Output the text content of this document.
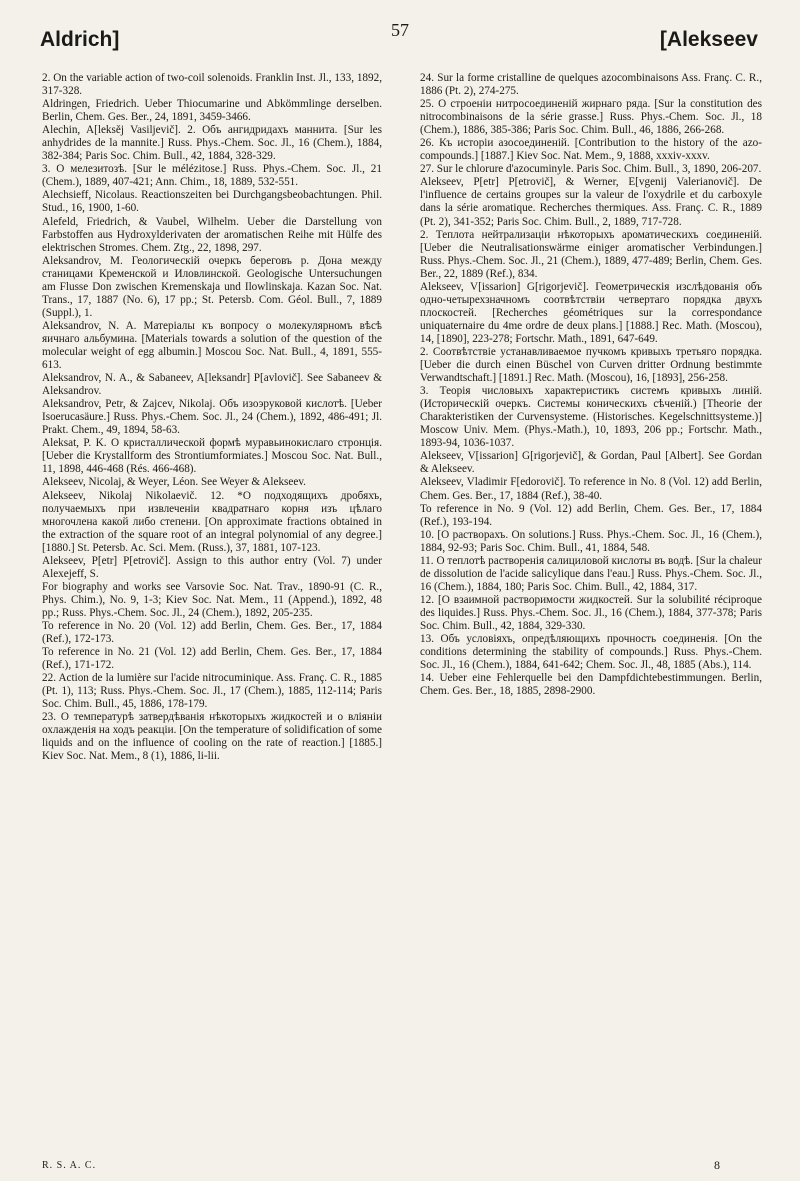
Aldrich]	57	[Alekseev

2. On the variable action of two-coil solenoids. Franklin Inst. Jl., 133, 1892, 317-328.

Aldringen, Friedrich. Ueber Thiocumarine und Abkömmlinge derselben. Berlin, Chem. Ges. Ber., 24, 1891, 3459-3466.

Alechin, A[leksěj Vasiljevič]. 2. Объ ангидридахъ маннита. [Sur les anhydrides de la mannite.] Russ. Phys.-Chem. Soc. Jl., 16 (Chem.), 1884, 382-384; Paris Soc. Chim. Bull., 42, 1884, 328-329.

3. О мелезитозѣ. [Sur le mélézitose.] Russ. Phys.-Chem. Soc. Jl., 21 (Chem.), 1889, 407-421; Ann. Chim., 18, 1889, 532-551.

Alechsieff, Nicolaus. Reactionszeiten bei Durchgangsbeobachtungen. Phil. Stud., 16, 1900, 1-60.

Alefeld, Friedrich, & Vaubel, Wilhelm. Ueber die Darstellung von Farbstoffen aus Hydroxylderivaten der aromatischen Reihe mit Hülfe des elektrischen Stromes. Chem. Ztg., 22, 1898, 297.

Aleksandrov, M. Геологическій очеркъ береговъ р. Дона между станицами Кременской и Иловлинской. Geologische Untersuchungen am Flusse Don zwischen Kremenskaja und Ilowlinskaja. Kazan Soc. Nat. Trans., 17, 1887 (No. 6), 17 pp.; St. Petersb. Com. Géol. Bull., 7, 1889 (Suppl.), 1.

Aleksandrov, N. A. Матеріалы къ вопросу о молекулярномъ вѣсѣ яичнаго альбумина. [Materials towards a solution of the question of the molecular weight of egg albumin.] Moscou Soc. Nat. Bull., 4, 1891, 555-613.

Aleksandrov, N. A., & Sabaneev, A[leksandr] P[avlovič]. See Sabaneev & Aleksandrov.

Aleksandrov, Petr, & Zajcev, Nikolaj. Объ изоэруковой кислотѣ. [Ueber Isoerucasäure.] Russ. Phys.-Chem. Soc. Jl., 24 (Chem.), 1892, 486-491; Jl. Prakt. Chem., 49, 1894, 58-63.

Aleksat, P. K. О кристаллической формѣ муравьинокислаго стронція. [Ueber die Krystallform des Strontiumformiates.] Moscou Soc. Nat. Bull., 11, 1898, 446-468 (Rés. 466-468).

Alekseev, Nicolaj, & Weyer, Léon. See Weyer & Alekseev.

Alekseev, Nikolaj Nikolaevič. 12. *О подходящихъ дробяхъ, получаемыхъ при извлеченіи квадратнаго корня изъ цѣлаго многочлена какой либо степени. [On approximate fractions obtained in the extraction of the square root of an integral polynomial of any degree.] [1880.] St. Petersb. Ac. Sci. Mem. (Russ.), 37, 1881, 107-123.

Alekseev, P[etr] P[etrovič]. Assign to this author entry (Vol. 7) under Alexejeff, S.

For biography and works see Varsovie Soc. Nat. Trav., 1890-91 (C. R., Phys. Chim.), No. 9, 1-3; Kiev Soc. Nat. Mem., 11 (Append.), 1892, 48 pp.; Russ. Phys.-Chem. Soc. Jl., 24 (Chem.), 1892, 205-235.

To reference in No. 20 (Vol. 12) add Berlin, Chem. Ges. Ber., 17, 1884 (Ref.), 172-173.

To reference in No. 21 (Vol. 12) add Berlin, Chem. Ges. Ber., 17, 1884 (Ref.), 171-172.

22. Action de la lumière sur l'acide nitrocuminique. Ass. Franç. C. R., 1885 (Pt. 1), 113; Russ. Phys.-Chem. Soc. Jl., 17 (Chem.), 1885, 112-114; Paris Soc. Chim. Bull., 45, 1886, 178-179.

23. О температурѣ затвердѣванія нѣкоторыхъ жидкостей и о вліяніи охлажденія на ходъ реакціи. [On the temperature of solidification of some liquids and on the influence of cooling on the rate of reaction.] [1885.] Kiev Soc. Nat. Mem., 8 (1), 1886, li-lii.

24. Sur la forme cristalline de quelques azocombinaisons Ass. Franç. C. R., 1886 (Pt. 2), 274-275.

25. О строеніи нитросоединеній жирнаго ряда. [Sur la constitution des nitrocombinaisons de la série grasse.] Russ. Phys.-Chem. Soc. Jl., 18 (Chem.), 1886, 385-386; Paris Soc. Chim. Bull., 46, 1886, 266-268.

26. Къ исторіи азосоединеній. [Contribution to the history of the azo-compounds.] [1887.] Kiev Soc. Nat. Mem., 9, 1888, xxxiv-xxxv.

27. Sur le chlorure d'azocuminyle. Paris Soc. Chim. Bull., 3, 1890, 206-207.

Alekseev, P[etr] P[etrovič], & Werner, E[vgenij Valerianovič]. De l'influence de certains groupes sur la valeur de l'oxydrile et du carboxyle dans la série aromatique. Recherches thermiques. Ass. Franç. C. R., 1889 (Pt. 2), 341-352; Paris Soc. Chim. Bull., 2, 1889, 717-728.

2. Теплота нейтрализаціи нѣкоторыхъ ароматическихъ соединеній. [Ueber die Neutralisationswärme einiger aromatischer Verbindungen.] Russ. Phys.-Chem. Soc. Jl., 21 (Chem.), 1889, 477-489; Berlin, Chem. Ges. Ber., 22, 1889 (Ref.), 834.

Alekseev, V[issarion] G[rigorjevič]. Геометрическія изслѣдованія объ одно-четырехзначномъ соотвѣтствіи четвертаго порядка двухъ плоскостей. [Recherches géométriques sur la correspondance uniquaternaire du 4me ordre de deux plans.] [1888.] Rec. Math. (Moscou), 14, [1890], 223-278; Fortschr. Math., 1891, 647-649.

2. Соотвѣтствіе устанавливаемое пучкомъ кривыхъ третьяго порядка. [Ueber die durch einen Büschel von Curven dritter Ordnung bestimmte Verwandtschaft.] [1891.] Rec. Math. (Moscou), 16, [1893], 256-258.

3. Теорія числовыхъ характеристикъ системъ кривыхъ линій. (Историческій очеркъ. Системы коническихъ сѣченій.) [Theorie der Charakteristiken der Curvensysteme. (Historisches. Kegelschnittsysteme.)] Moscow Univ. Mem. (Phys.-Math.), 10, 1893, 206 pp.; Fortschr. Math., 1893-94, 1036-1037.

Alekseev, V[issarion] G[rigorjevič], & Gordan, Paul [Albert]. See Gordan & Alekseev.

Alekseev, Vladimir F[edorovič]. To reference in No. 8 (Vol. 12) add Berlin, Chem. Ges. Ber., 17, 1884 (Ref.), 38-40.

To reference in No. 9 (Vol. 12) add Berlin, Chem. Ges. Ber., 17, 1884 (Ref.), 193-194.

10. [О растворахъ. On solutions.] Russ. Phys.-Chem. Soc. Jl., 16 (Chem.), 1884, 92-93; Paris Soc. Chim. Bull., 41, 1884, 548.

11. О теплотѣ растворенія салициловой кислоты въ водѣ. [Sur la chaleur de dissolution de l'acide salicylique dans l'eau.] Russ. Phys.-Chem. Soc. Jl., 16 (Chem.), 1884, 180; Paris Soc. Chim. Bull., 42, 1884, 317.

12. [О взаимной растворимости жидкостей. Sur la solubilité réciproque des liquides.] Russ. Phys.-Chem. Soc. Jl., 16 (Chem.), 1884, 377-378; Paris Soc. Chim. Bull., 42, 1884, 329-330.

13. Объ условіяхъ, опредѣляющихъ прочность соединенія. [On the conditions determining the stability of compounds.] Russ. Phys.-Chem. Soc. Jl., 16 (Chem.), 1884, 641-642; Chem. Soc. Jl., 48, 1885 (Abs.), 114.

14. Ueber eine Fehlerquelle bei den Dampfdichtebestimmungen. Berlin, Chem. Ges. Ber., 18, 1885, 2898-2900.

R. S. A. C.	8
